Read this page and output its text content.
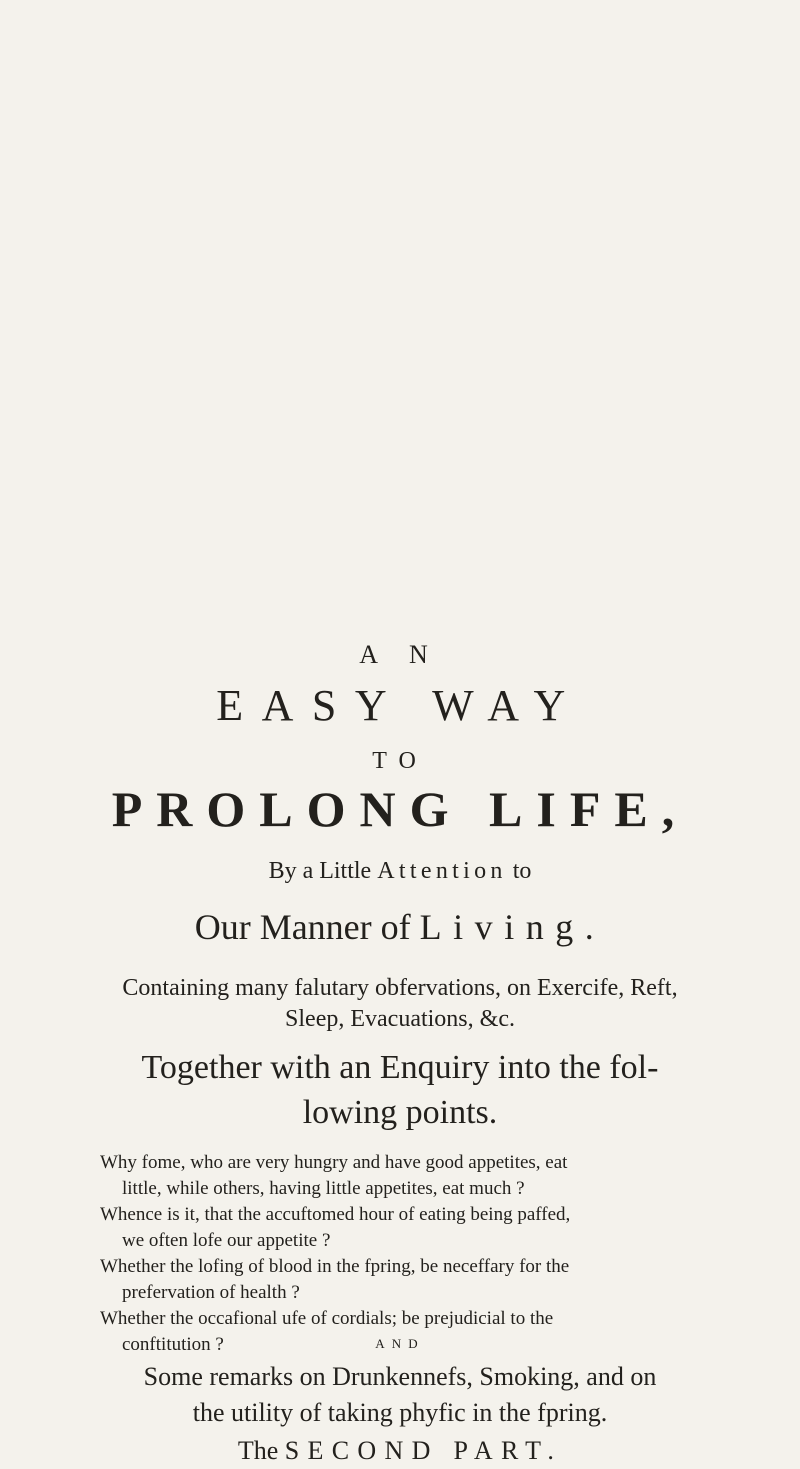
A N
EASY WAY
TO
PROLONG LIFE,
By a Little Attention to
Our Manner of Living.
Containing many falutary obfervations, on Exercife, Reft,
Sleep, Evacuations, &c.
Together with an Enquiry into the fol-
lowing points.

Why fome, who are very hungry and have good appetites, eat
little, while others, having little appetites, eat much ?

Whence is it, that the accuftomed hour of eating being paffed,
we often lofe our appetite ?

Whether the lofing of blood in the fpring, be neceffary for the
prefervation of health ?

Whether the occafional ufe of cordials; be prejudicial to the
conftitution ?	AND
Some remarks on Drunkennefs, Smoking, and on
the utility of taking phyfic in the fpring.
The SECOND PART.
